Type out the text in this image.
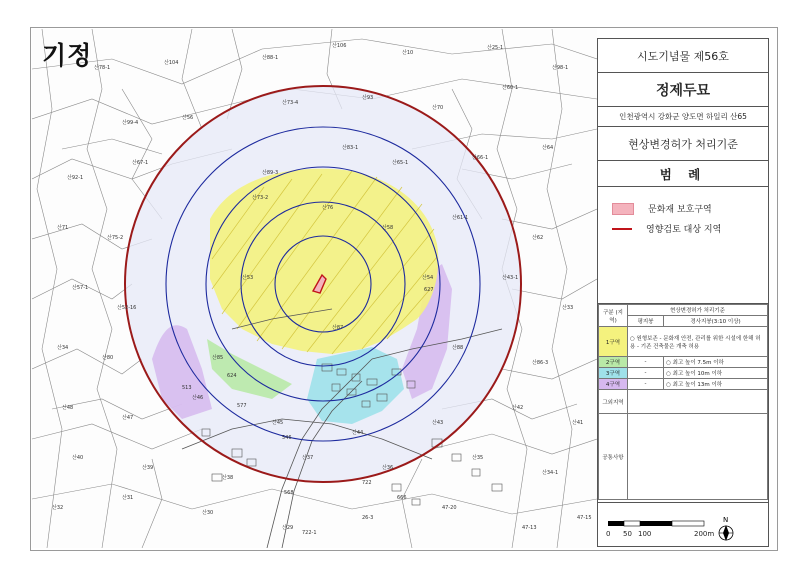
산78-1
산104
산88-1
산106
산10
산25-1
산98-1
산99-4
산56
산73-4
산93
산70
산60-1
산92-1
산67-1
산89-3
산83-1
산65-1
산66-1
산64
산71
산75-2
산73-2
산76
산58
산61-1
산62
산57-1
산52-16
산53	산54	산43-1
산33
산34
산80	산85
산87
산88
산86-3
산48
산47
산46
산45
산44
산43
산42
산41
산40
산39
산38
산37
산36
산35
산34-1
산32
산31
산30
산29
26-3
47-20
47-13
47-15
627
624
577
513
546
568
666
722
722-1
기정	시도기념물 제56호
정제두묘
인천광역시 강화군 양도면 하일리 산65
현상변경허가 처리기준
범 례
문화재 보호구역
영향검토 대상 지역
구분 (지역)	현상변경허가 처리기준	
	평지붕	경사지붕(3:10 이상)
1구역	○ 원형보존 - 문화재 안전, 관리를 위한 시설에 한해 허용 - 기존 건축물은 개축 허용	
2구역	-	○ 최고 높이 7.5m 이하
3구역	-	○ 최고 높이 10m 이하
4구역	-	○ 최고 높이 13m 이하
그외지역		
공통사항		
0 50 100	200m
N
